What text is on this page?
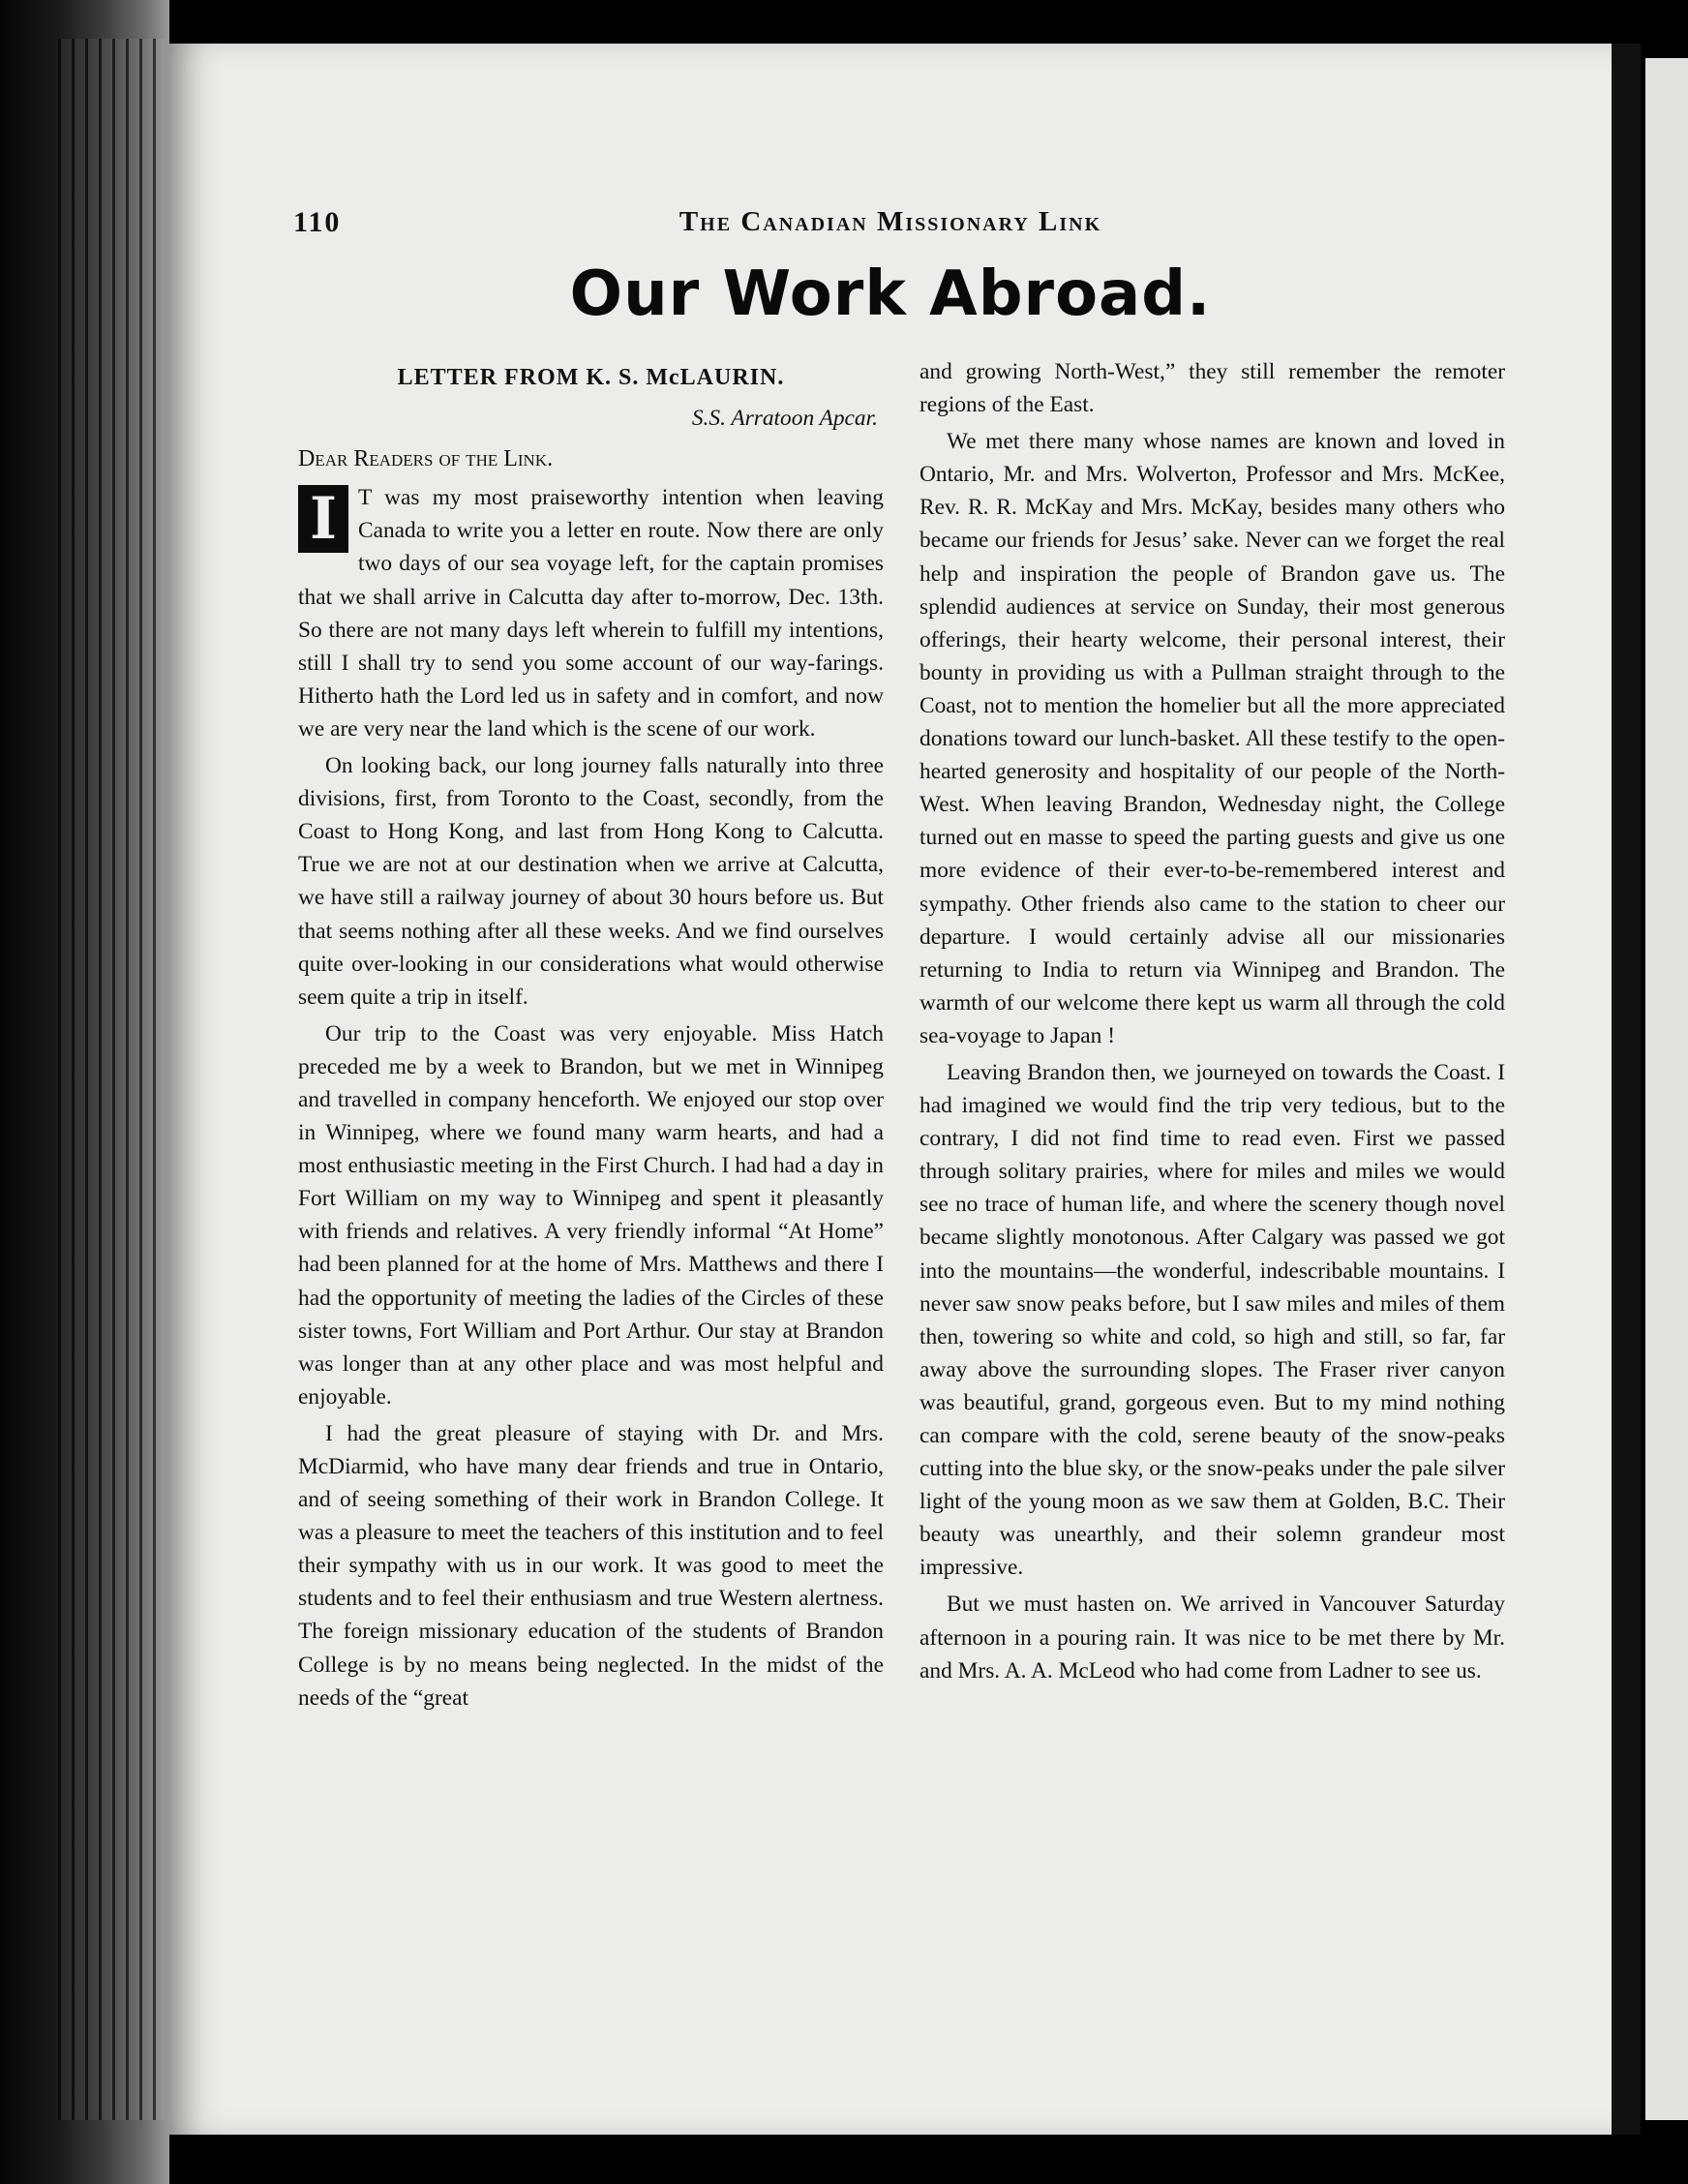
110	The Canadian Missionary Link
Our Work Abroad.
LETTER FROM K. S. McLAURIN.
S.S. Arratoon Apcar.
Dear Readers of the Link.

I T was my most praiseworthy intention when leaving Canada to write you a letter en route. Now there are only two days of our sea voyage left, for the captain promises that we shall arrive in Calcutta day after to-morrow, Dec. 13th. So there are not many days left wherein to fulfill my intentions, still I shall try to send you some account of our way-farings. Hitherto hath the Lord led us in safety and in comfort, and now we are very near the land which is the scene of our work.

On looking back, our long journey falls naturally into three divisions, first, from Toronto to the Coast, secondly, from the Coast to Hong Kong, and last from Hong Kong to Calcutta. True we are not at our destination when we arrive at Calcutta, we have still a railway journey of about 30 hours before us. But that seems nothing after all these weeks. And we find ourselves quite over-looking in our considerations what would otherwise seem quite a trip in itself.

Our trip to the Coast was very enjoyable. Miss Hatch preceded me by a week to Brandon, but we met in Winnipeg and travelled in company henceforth. We enjoyed our stop over in Winnipeg, where we found many warm hearts, and had a most enthusiastic meeting in the First Church. I had had a day in Fort William on my way to Winnipeg and spent it pleasantly with friends and relatives. A very friendly informal “At Home” had been planned for at the home of Mrs. Matthews and there I had the opportunity of meeting the ladies of the Circles of these sister towns, Fort William and Port Arthur. Our stay at Brandon was longer than at any other place and was most helpful and enjoyable.

I had the great pleasure of staying with Dr. and Mrs. McDiarmid, who have many dear friends and true in Ontario, and of seeing something of their work in Brandon College. It was a pleasure to meet the teachers of this institution and to feel their sympathy with us in our work. It was good to meet the students and to feel their enthusiasm and true Western alertness. The foreign missionary education of the students of Brandon College is by no means being neglected. In the midst of the needs of the “great

and growing North-West,” they still remember the remoter regions of the East.

We met there many whose names are known and loved in Ontario, Mr. and Mrs. Wolverton, Professor and Mrs. McKee, Rev. R. R. McKay and Mrs. McKay, besides many others who became our friends for Jesus’ sake. Never can we forget the real help and inspiration the people of Brandon gave us. The splendid audiences at service on Sunday, their most generous offerings, their hearty welcome, their personal interest, their bounty in providing us with a Pullman straight through to the Coast, not to mention the homelier but all the more appreciated donations toward our lunch-basket. All these testify to the open-hearted generosity and hospitality of our people of the North-West. When leaving Brandon, Wednesday night, the College turned out en masse to speed the parting guests and give us one more evidence of their ever-to-be-remembered interest and sympathy. Other friends also came to the station to cheer our departure. I would certainly advise all our missionaries returning to India to return via Winnipeg and Brandon. The warmth of our welcome there kept us warm all through the cold sea-voyage to Japan !

Leaving Brandon then, we journeyed on towards the Coast. I had imagined we would find the trip very tedious, but to the contrary, I did not find time to read even. First we passed through solitary prairies, where for miles and miles we would see no trace of human life, and where the scenery though novel became slightly monotonous. After Calgary was passed we got into the mountains—the wonderful, indescribable mountains. I never saw snow peaks before, but I saw miles and miles of them then, towering so white and cold, so high and still, so far, far away above the surrounding slopes. The Fraser river canyon was beautiful, grand, gorgeous even. But to my mind nothing can compare with the cold, serene beauty of the snow-peaks cutting into the blue sky, or the snow-peaks under the pale silver light of the young moon as we saw them at Golden, B.C. Their beauty was unearthly, and their solemn grandeur most impressive.

But we must hasten on. We arrived in Vancouver Saturday afternoon in a pouring rain. It was nice to be met there by Mr. and Mrs. A. A. McLeod who had come from Ladner to see us.
